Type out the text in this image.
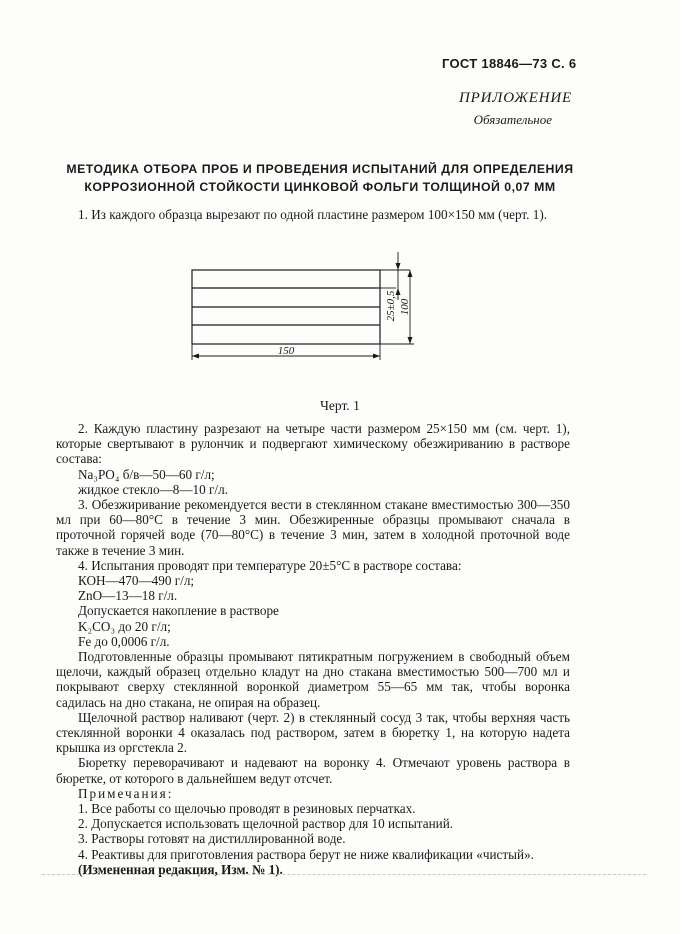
ГОСТ 18846—73 С. 6
ПРИЛОЖЕНИЕ
Обязательное
МЕТОДИКА ОТБОРА ПРОБ И ПРОВЕДЕНИЯ ИСПЫТАНИЙ ДЛЯ ОПРЕДЕЛЕНИЯ
КОРРОЗИОННОЙ СТОЙКОСТИ ЦИНКОВОЙ ФОЛЬГИ ТОЛЩИНОЙ 0,07 ММ

1. Из каждого образца вырезают по одной пластине размером 100×150 мм (черт. 1).

150
25±0,5 100
Черт. 1

2. Каждую пластину разрезают на четыре части размером 25×150 мм (см. черт. 1), которые свертывают в рулончик и подвергают химическому обезжириванию в растворе состава:

Na₃PO₄ б/в—50—60 г/л;

жидкое стекло—8—10 г/л.

3. Обезжиривание рекомендуется вести в стеклянном стакане вместимостью 300—350 мл при 60—80°С в течение 3 мин. Обезжиренные образцы промывают сначала в проточной горячей воде (70—80°С) в течение 3 мин, затем в холодной проточной воде также в течение 3 мин.

4. Испытания проводят при температуре 20±5°С в растворе состава:

КОН—470—490 г/л;

ZnO—13—18 г/л.

Допускается накопление в растворе

K₂CO₃ до 20 г/л;

Fe до 0,0006 г/л.

Подготовленные образцы промывают пятикратным погружением в свободный объем щелочи, каждый образец отдельно кладут на дно стакана вместимостью 500—700 мл и покрывают сверху стеклянной воронкой диаметром 55—65 мм так, чтобы воронка садилась на дно стакана, не опирая на образец.

Щелочной раствор наливают (черт. 2) в стеклянный сосуд 3 так, чтобы верхняя часть стеклянной воронки 4 оказалась под раствором, затем в бюретку 1, на которую надета крышка из оргстекла 2.

Бюретку переворачивают и надевают на воронку 4. Отмечают уровень раствора в бюретке, от которого в дальнейшем ведут отсчет.

Примечания:

1. Все работы со щелочью проводят в резиновых перчатках.

2. Допускается использовать щелочной раствор для 10 испытаний.

3. Растворы готовят на дистиллированной воде.

4. Реактивы для приготовления раствора берут не ниже квалификации «чистый».

(Измененная редакция, Изм. № 1).
